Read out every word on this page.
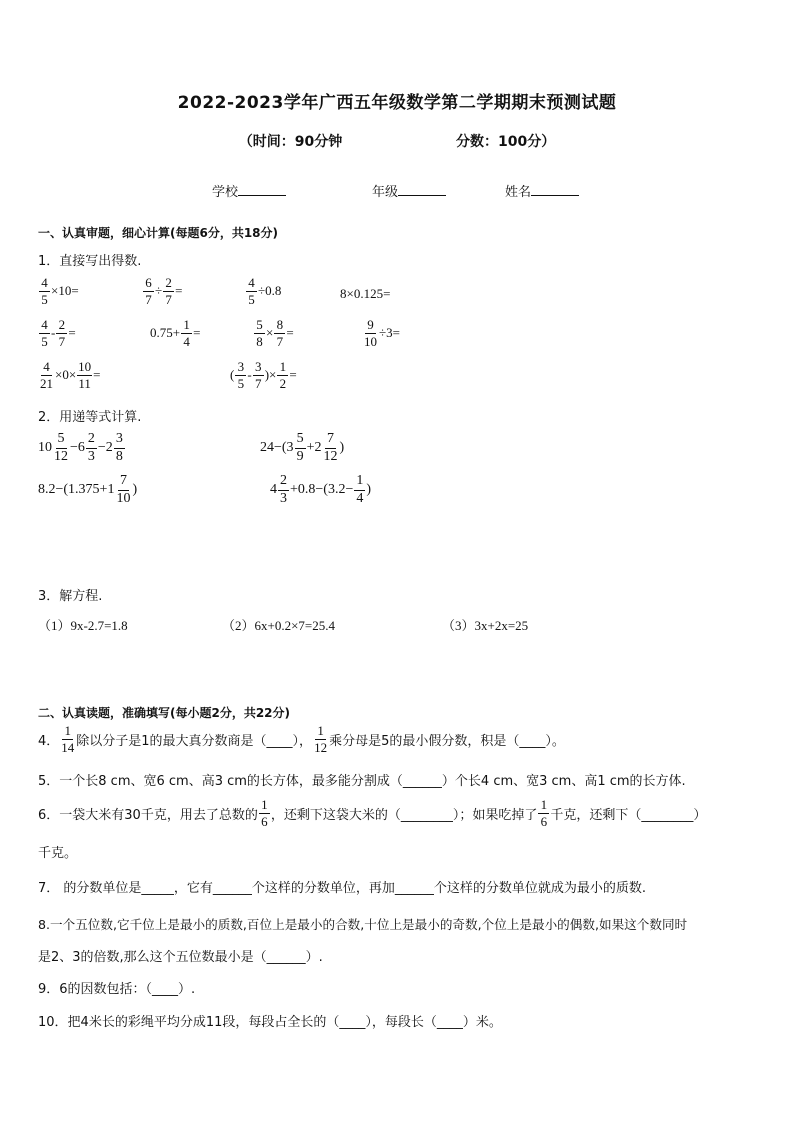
2022-2023学年广西五年级数学第二学期期末预测试题
（时间：90分钟	分数：100分）
学校	年级	姓名
一、认真审题，细心计算(每题6分，共18分)
1．直接写出得数.
$\frac{4}{5} \times 10=$	$\frac{6}{7} \div \frac{2}{7}$ =	$\frac{4}{5} \div 0.8$	8×0.125=
$\frac{4}{5} - \frac{2}{7}$ =	$0.75+ \frac{1}{4}$ =	$\frac{5}{8} \times \frac{8}{7}$ =	$\frac{9}{10} \div 3=$
$\frac{4}{21} \times 0\times \frac{10}{11}$ =	( $\frac{3}{5} - \frac{3}{7}$ )× $\frac{1}{2}$ =
2．用递等式计算.
$10 \frac{5}{12} -6 \frac{2}{3} -2 \frac{3}{8}$	$24-(3 \frac{5}{9} +2 \frac{7}{12}$ )
$8.2-(1.375+1 \frac{7}{10}$ )	$4 \frac{2}{3} +0.8-(3.2- \frac{1}{4}$ )
3．解方程.
（1）9x-2.7=1.8	（2）6x+0.2×7=25.4	（3）3x+2x=25
二、认真读题，准确填写(每小题2分，共22分)
4． $\frac{1}{14}$ 除以分子是1的最大真分数商是（____）， $\frac{1}{12}$ 乘分母是5的最小假分数，积是（____）。
5．一个长8 cm、宽6 cm、高3 cm的长方体，最多能分割成（______）个长4 cm、宽3 cm、高1 cm的长方体.
6．一袋大米有30千克，用去了总数的 $\frac{1}{6}$ ，还剩下这袋大米的（________）；如果吃掉了 $\frac{1}{6}$ 千克，还剩下（________）
千克。
7． 的分数单位是_____，它有______个这样的分数单位，再加______个这样的分数单位就成为最小的质数.
8.一个五位数,它千位上是最小的质数,百位上是最小的合数,十位上是最小的奇数,个位上是最小的偶数,如果这个数同时
是2、3的倍数,那么这个五位数最小是（______）.
9．6的因数包括：（____）.
10．把4米长的彩绳平均分成11段，每段占全长的（____），每段长（____）米。
